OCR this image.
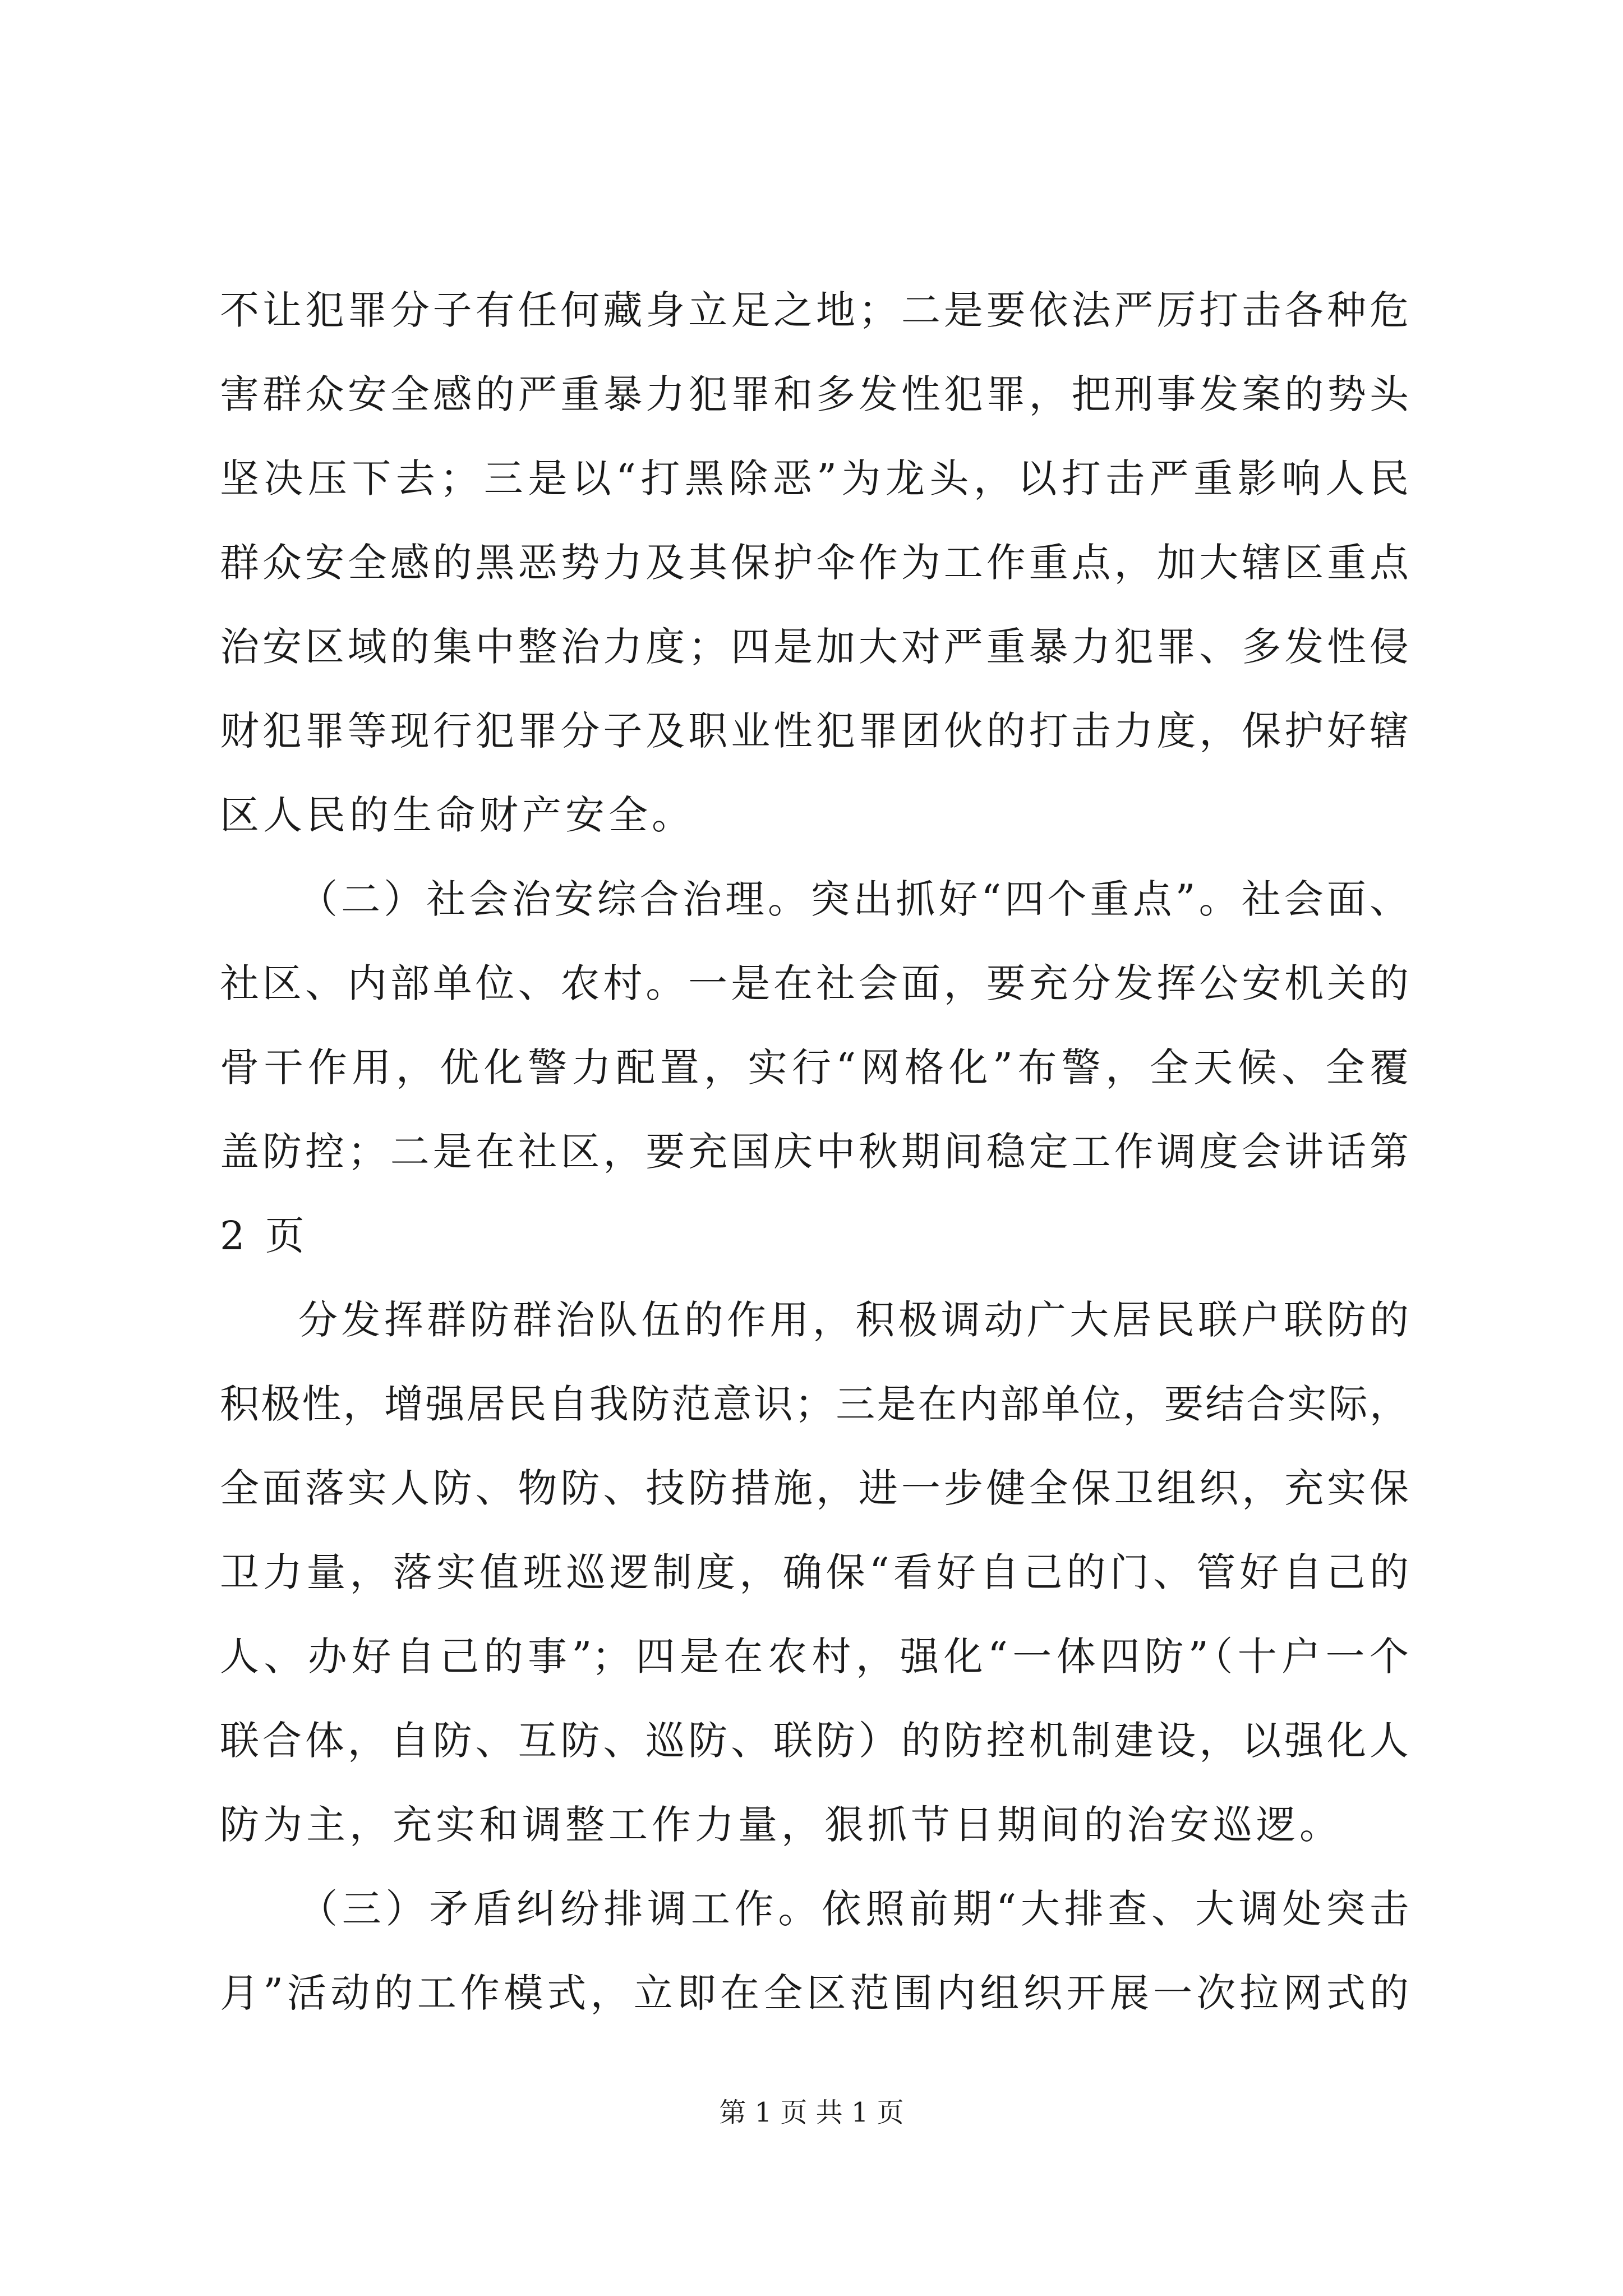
不让犯罪分子有任何藏身立足之地；二是要依法严厉打击各种危
害群众安全感的严重暴力犯罪和多发性犯罪，把刑事发案的势头
坚决压下去；三是以“打黑除恶”为龙头，以打击严重影响人民
群众安全感的黑恶势力及其保护伞作为工作重点，加大辖区重点
治安区域的集中整治力度；四是加大对严重暴力犯罪、多发性侵
财犯罪等现行犯罪分子及职业性犯罪团伙的打击力度，保护好辖
区人民的生命财产安全。
（二）社会治安综合治理。突出抓好“四个重点”。社会面、
社区、内部单位、农村。一是在社会面，要充分发挥公安机关的
骨干作用，优化警力配置，实行“网格化”布警，全天候、全覆
盖防控；二是在社区，要充国庆中秋期间稳定工作调度会讲话第
2 页
分发挥群防群治队伍的作用，积极调动广大居民联户联防的
积极性，增强居民自我防范意识；三是在内部单位，要结合实际，
全面落实人防、物防、技防措施，进一步健全保卫组织，充实保
卫力量，落实值班巡逻制度，确保“看好自己的门、管好自己的
人、办好自己的事”；四是在农村，强化“一体四防”（十户一个
联合体，自防、互防、巡防、联防）的防控机制建设，以强化人
防为主，充实和调整工作力量，狠抓节日期间的治安巡逻。
（三）矛盾纠纷排调工作。依照前期“大排查、大调处突击
月”活动的工作模式，立即在全区范围内组织开展一次拉网式的
第 1 页 共 1 页
